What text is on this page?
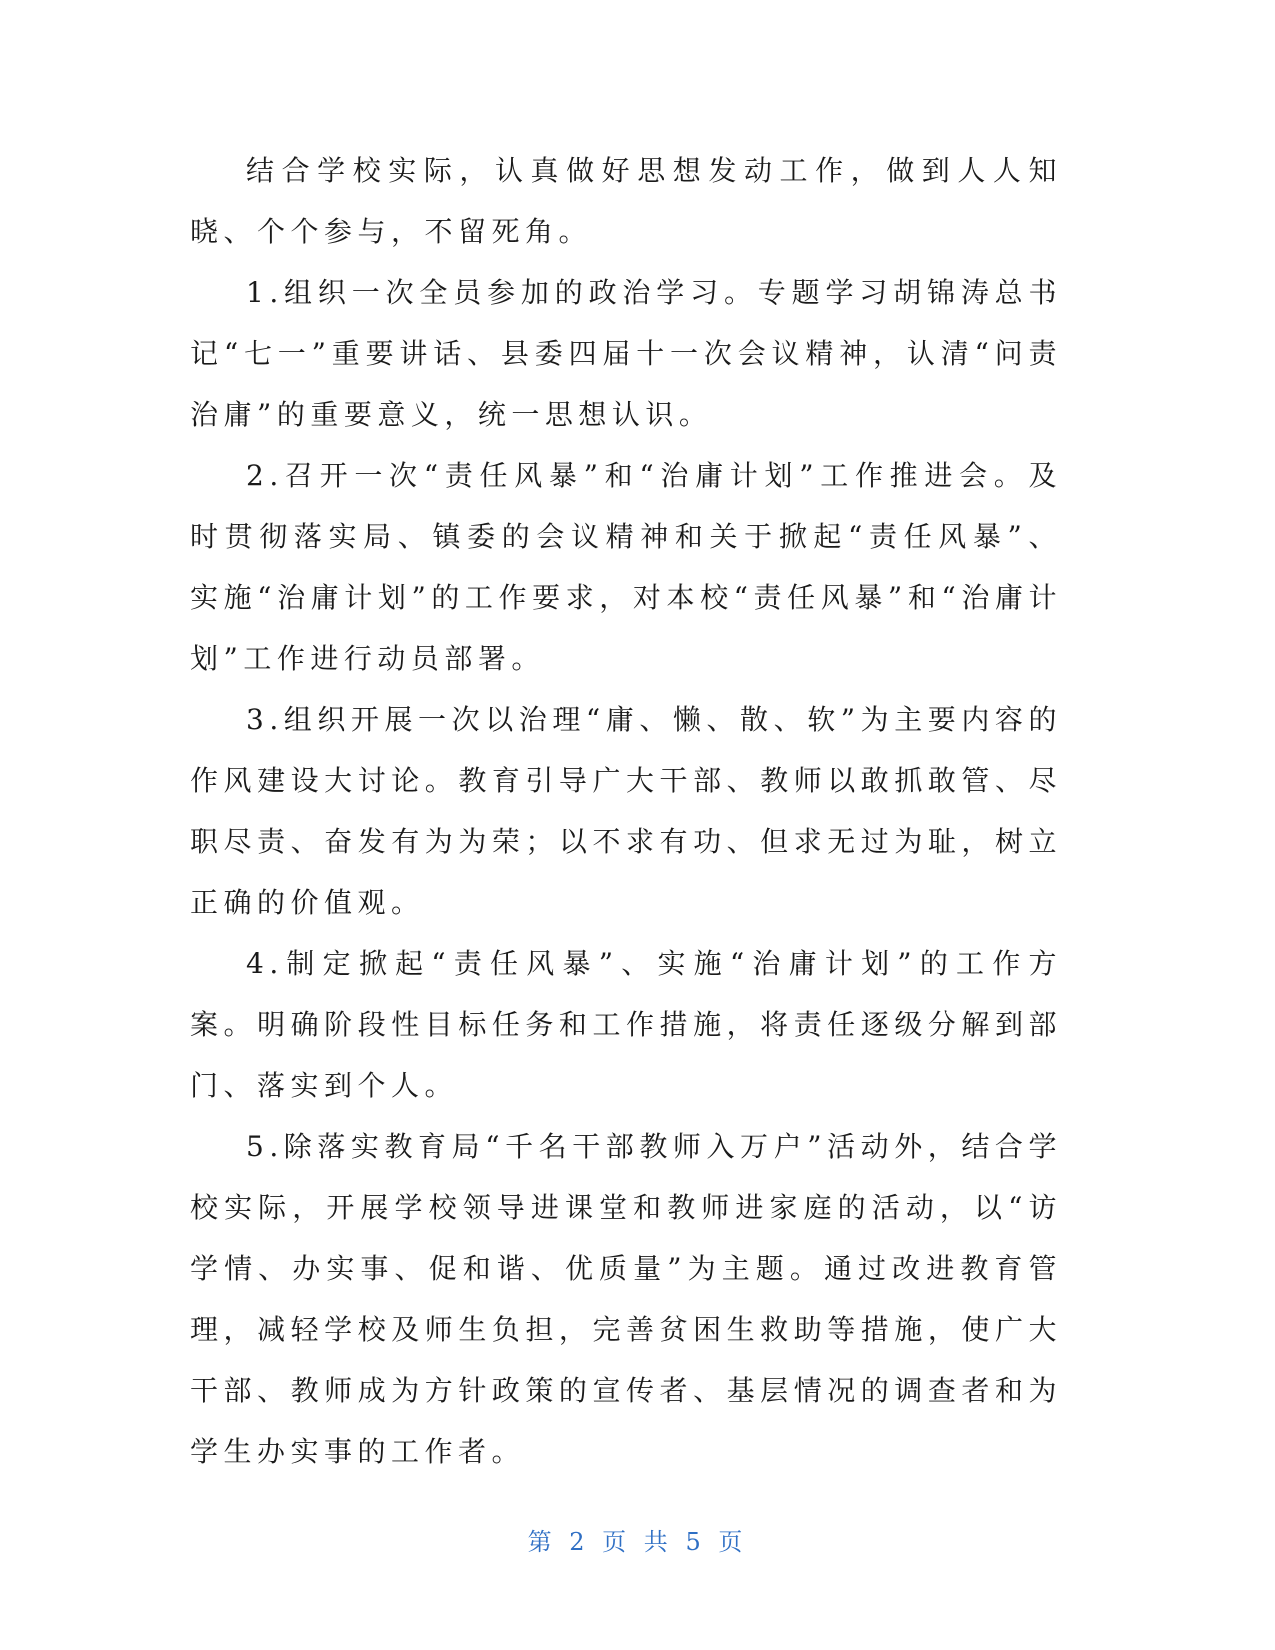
结合学校实际，认真做好思想发动工作，做到人人知晓、个个参与，不留死角。

1.组织一次全员参加的政治学习。专题学习胡锦涛总书记“七一”重要讲话、县委四届十一次会议精神，认清“问责治庸”的重要意义，统一思想认识。

2.召开一次“责任风暴”和“治庸计划”工作推进会。及时贯彻落实局、镇委的会议精神和关于掀起“责任风暴”、实施“治庸计划”的工作要求，对本校“责任风暴”和“治庸计划”工作进行动员部署。

3.组织开展一次以治理“庸、懒、散、软”为主要内容的作风建设大讨论。教育引导广大干部、教师以敢抓敢管、尽职尽责、奋发有为为荣；以不求有功、但求无过为耻，树立正确的价值观。

4.制定掀起“责任风暴”、实施“治庸计划”的工作方案。明确阶段性目标任务和工作措施，将责任逐级分解到部门、落实到个人。

5.除落实教育局“千名干部教师入万户”活动外，结合学校实际，开展学校领导进课堂和教师进家庭的活动，以“访学情、办实事、促和谐、优质量”为主题。通过改进教育管理，减轻学校及师生负担，完善贫困生救助等措施，使广大干部、教师成为方针政策的宣传者、基层情况的调查者和为学生办实事的工作者。

第 2 页 共 5 页
